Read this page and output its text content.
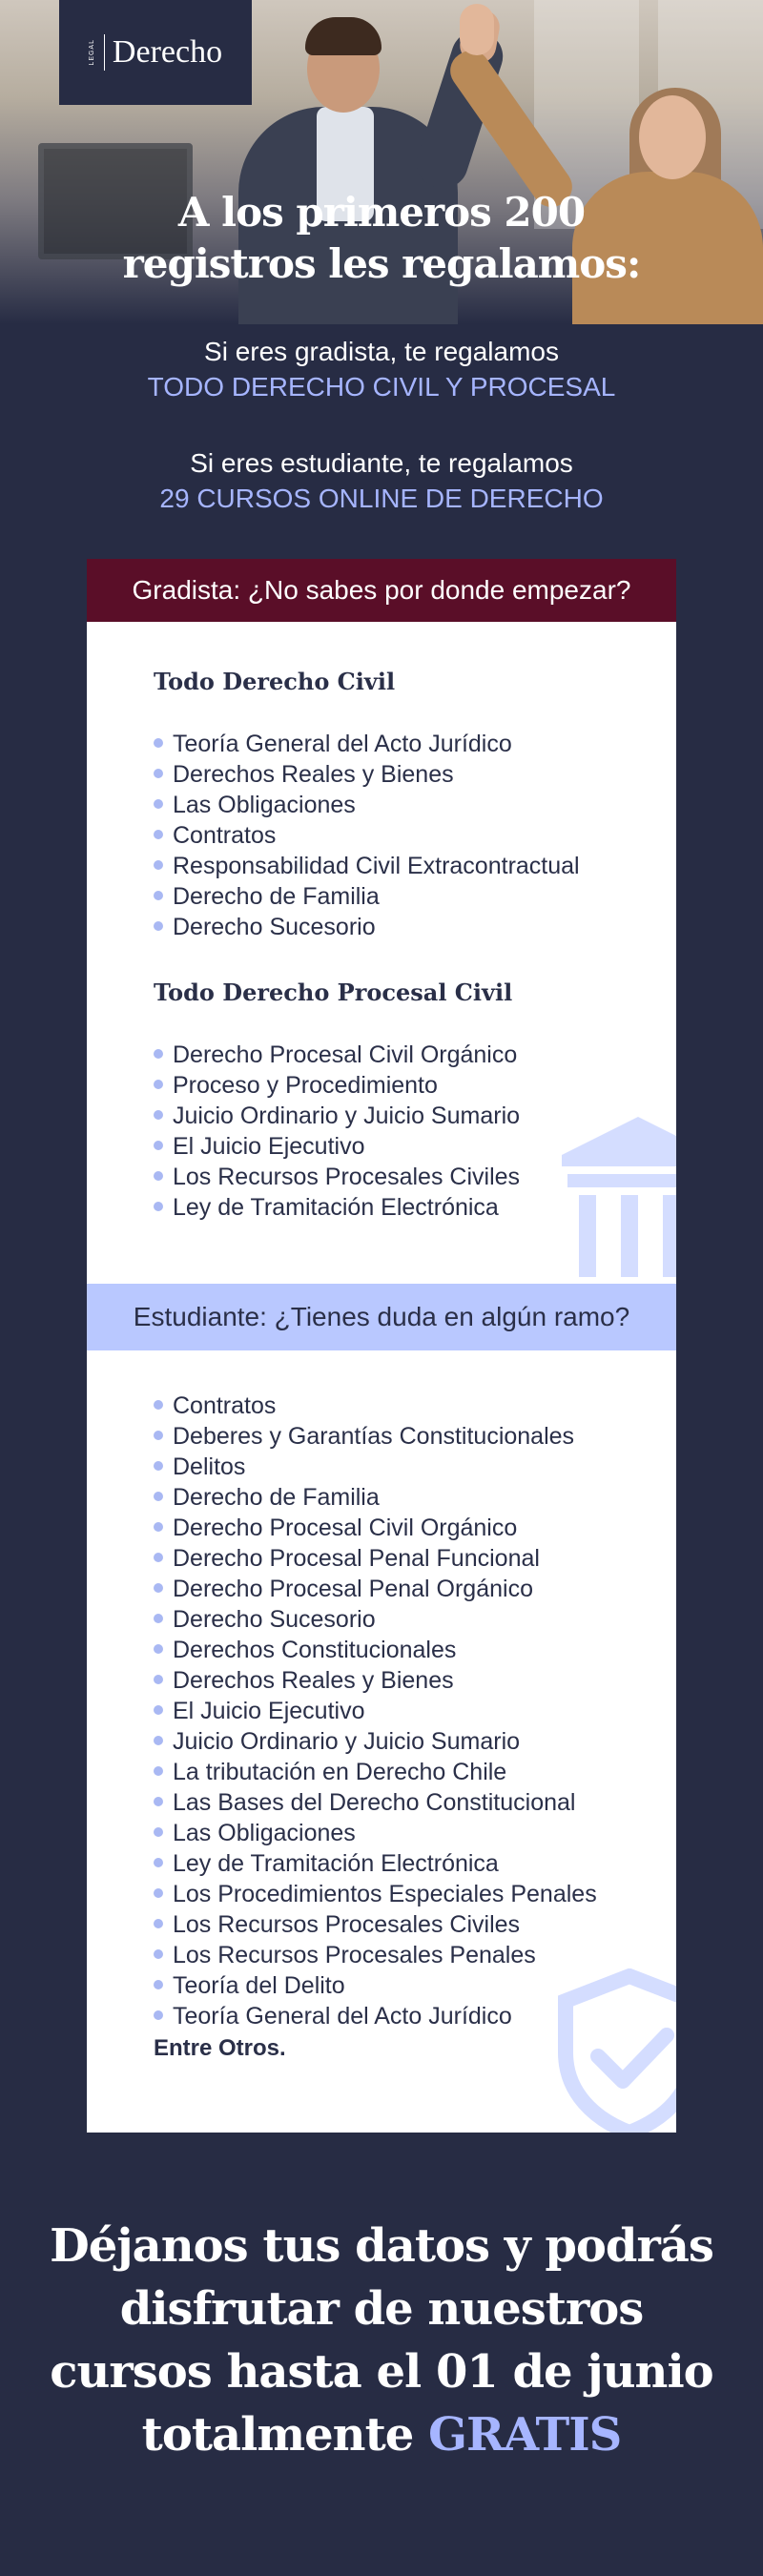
LEGAL Derecho
A los primeros 200
registros les regalamos:
Si eres gradista, te regalamos
TODO DERECHO CIVIL Y PROCESAL
Si eres estudiante, te regalamos
29 CURSOS ONLINE DE DERECHO
Gradista: ¿No sabes por donde empezar?
Todo Derecho Civil
Teoría General del Acto Jurídico
Derechos Reales y Bienes
Las Obligaciones
Contratos
Responsabilidad Civil Extracontractual
Derecho de Familia
Derecho Sucesorio
Todo Derecho Procesal Civil
Derecho Procesal Civil Orgánico
Proceso y Procedimiento
Juicio Ordinario y Juicio Sumario
El Juicio Ejecutivo
Los Recursos Procesales Civiles
Ley de Tramitación Electrónica
Estudiante: ¿Tienes duda en algún ramo?
Contratos
Deberes y Garantías Constitucionales
Delitos
Derecho de Familia
Derecho Procesal Civil Orgánico
Derecho Procesal Penal Funcional
Derecho Procesal Penal Orgánico
Derecho Sucesorio
Derechos Constitucionales
Derechos Reales y Bienes
El Juicio Ejecutivo
Juicio Ordinario y Juicio Sumario
La tributación en Derecho Chile
Las Bases del Derecho Constitucional
Las Obligaciones
Ley de Tramitación Electrónica
Los Procedimientos Especiales Penales
Los Recursos Procesales Civiles
Los Recursos Procesales Penales
Teoría del Delito
Teoría General del Acto Jurídico
Entre Otros.
Déjanos tus datos y podrás
disfrutar de nuestros
cursos hasta el 01 de junio
totalmente GRATIS
